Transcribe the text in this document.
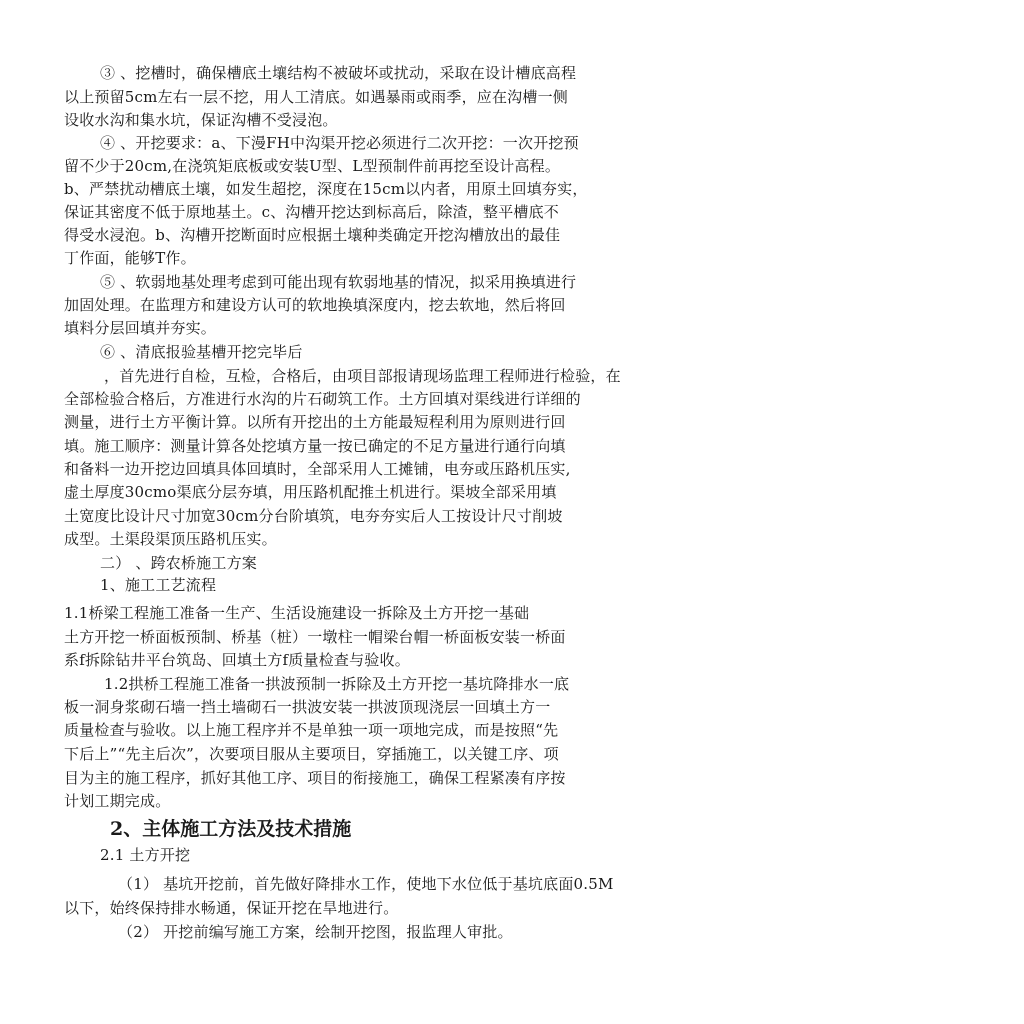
③ 、挖槽时，确保槽底土壤结构不被破坏或扰动，采取在设计槽底高程
以上预留5cm左右一层不挖，用人工清底。如遇暴雨或雨季，应在沟槽一侧
设收水沟和集水坑，保证沟槽不受浸泡。
④ 、开挖要求：a、下漫FH中沟渠开挖必须进行二次开挖：一次开挖预
留不少于20cm,在浇筑矩底板或安装U型、L型预制件前再挖至设计高程。
b、严禁扰动槽底土壤，如发生超挖，深度在15cm以内者，用原土回填夯实，
保证其密度不低于原地基土。c、沟槽开挖达到标高后，除渣，整平槽底不
得受水浸泡。b、沟槽开挖断面时应根据土壤种类确定开挖沟槽放出的最佳
丁作面，能够T作。
⑤ 、软弱地基处理考虑到可能出现有软弱地基的情况，拟采用换填进行
加固处理。在监理方和建设方认可的软地换填深度内，挖去软地，然后将回
填料分层回填并夯实。
⑥ 、清底报验基槽开挖完毕后
，首先进行自检，互检，合格后，由项目部报请现场监理工程师进行检验，在
全部检验合格后，方准进行水沟的片石砌筑工作。土方回填对渠线进行详细的
测量，进行土方平衡计算。以所有开挖出的土方能最短程利用为原则进行回
填。施工顺序：测量计算各处挖填方量一按已确定的不足方量进行通行向填
和备料一边开挖边回填具体回填时，全部采用人工摊铺，电夯或压路机压实,
虚土厚度30cmo渠底分层夯填，用压路机配推土机进行。渠坡全部采用填
土宽度比设计尺寸加宽30cm分台阶填筑，电夯夯实后人工按设计尺寸削坡
成型。土渠段渠顶压路机压实。
二） 、跨农桥施工方案
1、施工工艺流程
1.1桥梁工程施工准备一生产、生活设施建设一拆除及土方开挖一基础
土方开挖一桥面板预制、桥基（桩）一墩柱一帽梁台帽一桥面板安装一桥面
系f拆除钻井平台筑岛、回填土方f质量检查与验收。
1.2拱桥工程施工准备一拱波预制一拆除及土方开挖一基坑降排水一底
板一洞身浆砌石墙一挡土墙砌石一拱波安装一拱波顶现浇层一回填土方一
质量检查与验收。以上施工程序并不是单独一项一项地完成，而是按照“先
下后上”“先主后次”，次要项目服从主要项目，穿插施工，以关键工序、项
目为主的施工程序，抓好其他工序、项目的衔接施工，确保工程紧凑有序按
计划工期完成。
2、主体施工方法及技术措施
2.1 土方开挖
（1） 基坑开挖前，首先做好降排水工作，使地下水位低于基坑底面0.5M
以下，始终保持排水畅通，保证开挖在旱地进行。
（2） 开挖前编写施工方案，绘制开挖图，报监理人审批。
